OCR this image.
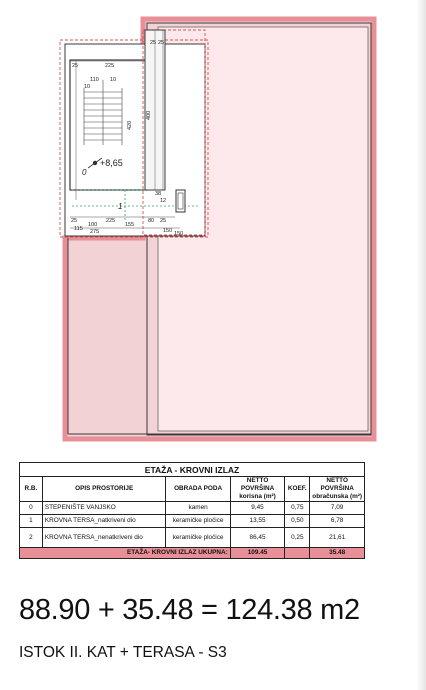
225
25
110
10
10
400
420
25	225	80 25
100
115
155
150
25 25
275
38
12
150
+8,65
0
1
ETAŽA - KROVNI IZLAZ					
R.B.	OPIS PROSTORIJE	OBRADA PODA	NETTO POVRŠINA korisna (m²)	KOEF.	NETTO POVRŠINA obračunska (m²)
0	STEPENIŠTE VANJSKO	kamen	9,45	0,75	7,09
1	KROVNA TERSA_natkriveni dio	keramičke pločice	13,55	0,50	6,78
2	KROVNA TERSA_nenatkriveni dio	keramičke pločice	86,45	0,25	21,61
ETAŽA- KROVNI IZLAZ UKUPNA:			109.45		35.48
88.90 + 35.48 = 124.38 m2
ISTOK II. KAT + TERASA - S3
